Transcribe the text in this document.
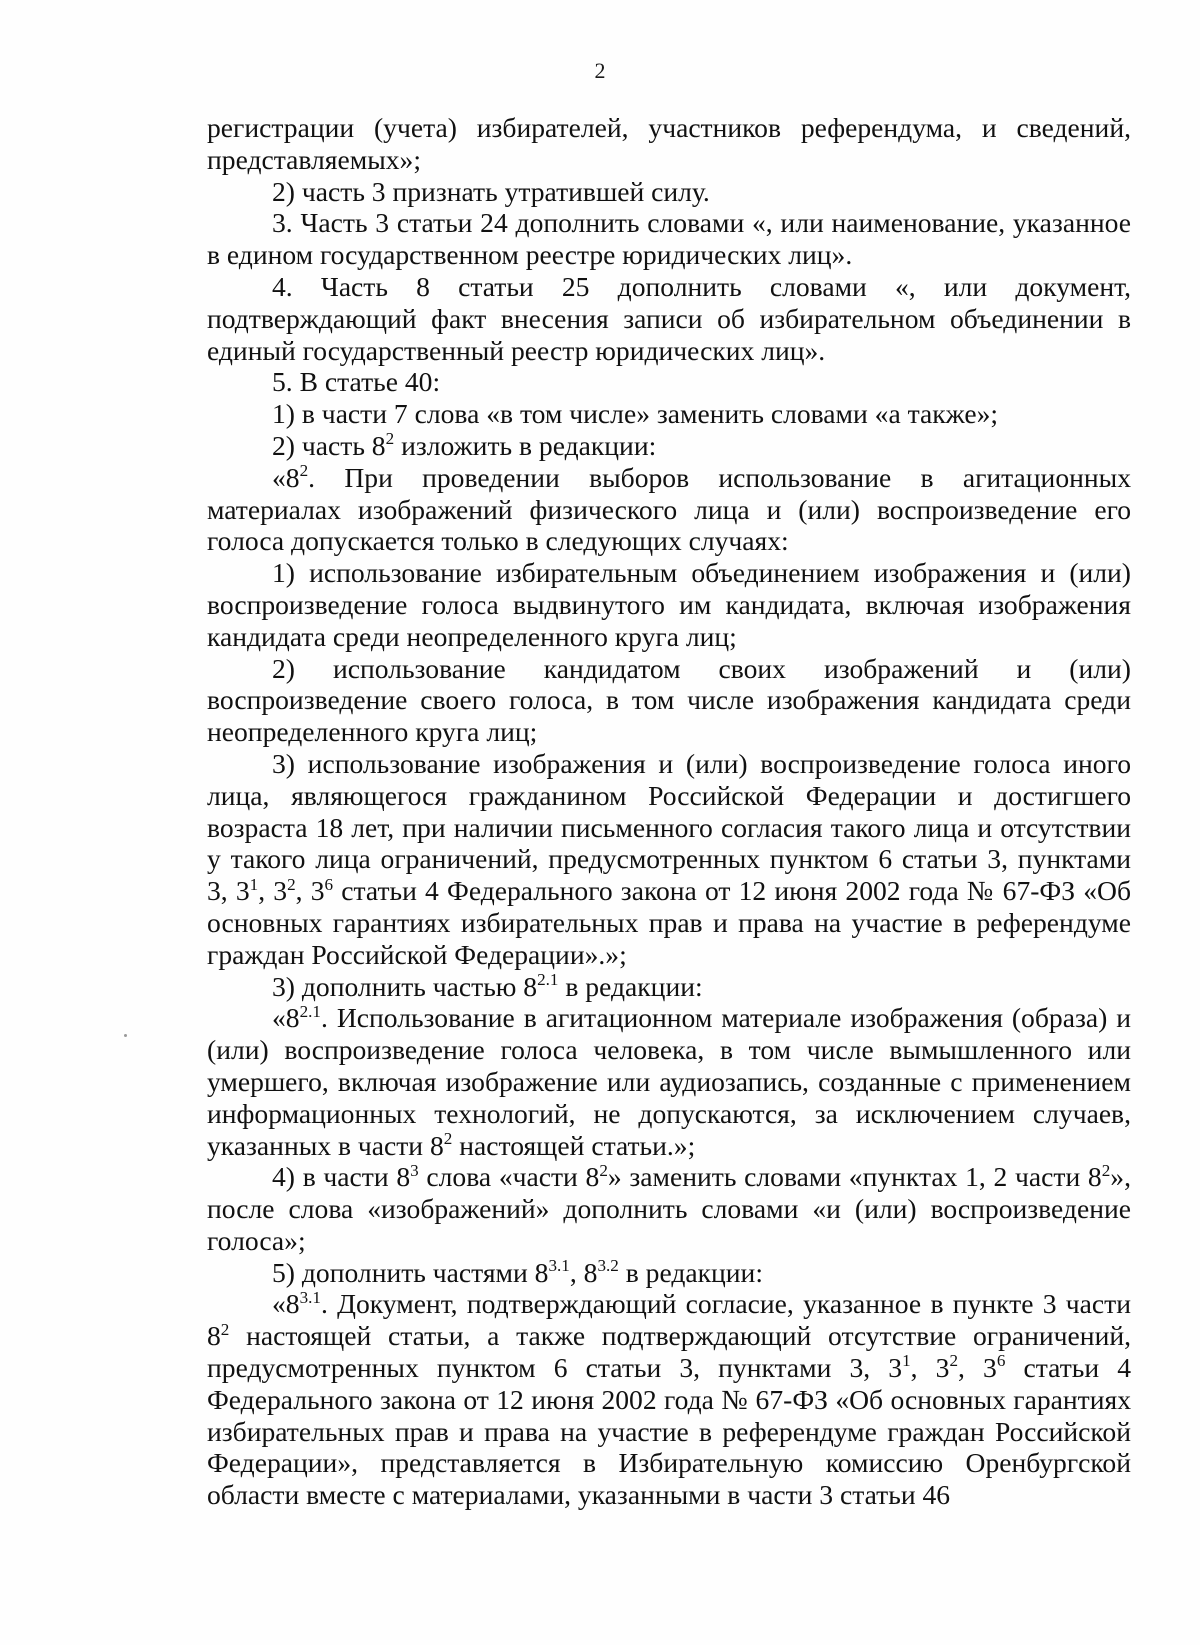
2

регистрации (учета) избирателей, участников референдума, и сведений, представляемых»;

2) часть 3 признать утратившей силу.

3. Часть 3 статьи 24 дополнить словами «, или наименование, указанное в едином государственном реестре юридических лиц».

4. Часть 8 статьи 25 дополнить словами «, или документ, подтверждающий факт внесения записи об избирательном объединении в единый государственный реестр юридических лиц».

5. В статье 40:

1) в части 7 слова «в том числе» заменить словами «а также»;

2) часть $8^2$ изложить в редакции:

«$8^2$. При проведении выборов использование в агитационных материалах изображений физического лица и (или) воспроизведение его голоса допускается только в следующих случаях:

1) использование избирательным объединением изображения и (или) воспроизведение голоса выдвинутого им кандидата, включая изображения кандидата среди неопределенного круга лиц;

2) использование кандидатом своих изображений и (или) воспроизведение своего голоса, в том числе изображения кандидата среди неопределенного круга лиц;

3) использование изображения и (или) воспроизведение голоса иного лица, являющегося гражданином Российской Федерации и достигшего возраста 18 лет, при наличии письменного согласия такого лица и отсутствии у такого лица ограничений, предусмотренных пунктом 6 статьи 3, пунктами 3, $3^1$, $3^2$, $3^6$ статьи 4 Федерального закона от 12 июня 2002 года № 67-ФЗ «Об основных гарантиях избирательных прав и права на участие в референдуме граждан Российской Федерации».»;

3) дополнить частью $8^{2.1}$ в редакции:

«$8^{2.1}$. Использование в агитационном материале изображения (образа) и (или) воспроизведение голоса человека, в том числе вымышленного или умершего, включая изображение или аудиозапись, созданные с применением информационных технологий, не допускаются, за исключением случаев, указанных в части $8^2$ настоящей статьи.»;

4) в части $8^3$ слова «части $8^2$» заменить словами «пунктах 1, 2 части $8^2$», после слова «изображений» дополнить словами «и (или) воспроизведение голоса»;

5) дополнить частями $8^{3.1}$, $8^{3.2}$ в редакции:

«$8^{3.1}$. Документ, подтверждающий согласие, указанное в пункте 3 части $8^2$ настоящей статьи, а также подтверждающий отсутствие ограничений, предусмотренных пунктом 6 статьи 3, пунктами 3, $3^1$, $3^2$, $3^6$ статьи 4 Федерального закона от 12 июня 2002 года № 67-ФЗ «Об основных гарантиях избирательных прав и права на участие в референдуме граждан Российской Федерации», представляется в Избирательную комиссию Оренбургской области вместе с материалами, указанными в части 3 статьи 46
